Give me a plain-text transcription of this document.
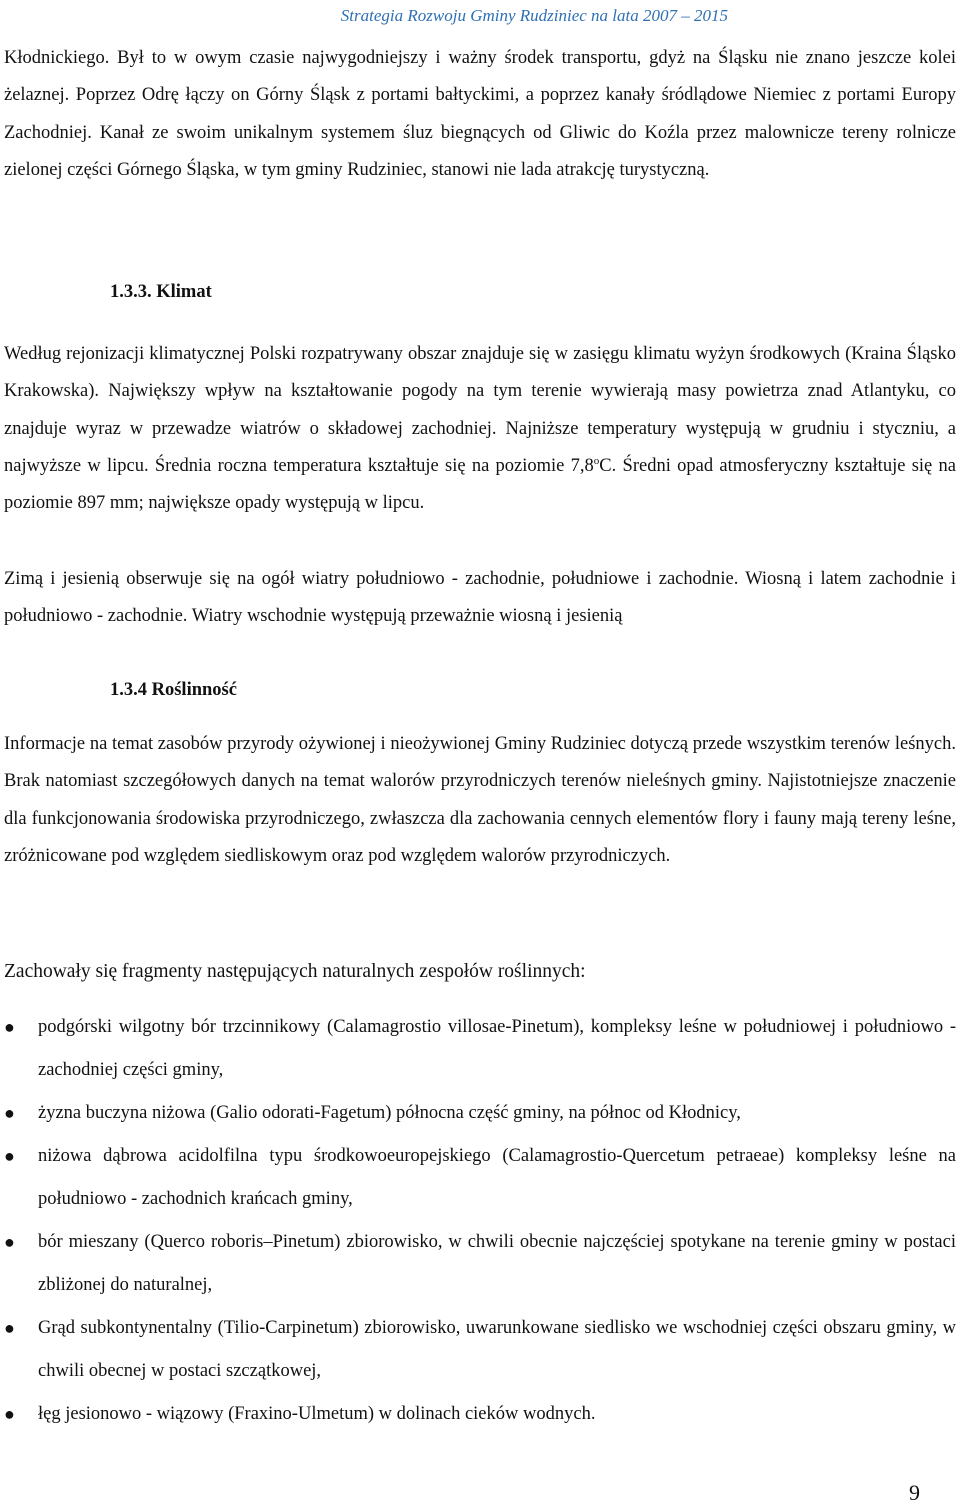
Strategia Rozwoju Gminy Rudziniec na lata 2007 – 2015

Kłodnickiego. Był to w owym czasie najwygodniejszy i ważny środek transportu, gdyż na Śląsku nie znano jeszcze kolei żelaznej. Poprzez Odrę łączy on Górny Śląsk z portami bałtyckimi, a poprzez kanały śródlądowe Niemiec z portami Europy Zachodniej. Kanał ze swoim unikalnym systemem śluz biegnących od Gliwic do Koźla przez malownicze tereny rolnicze zielonej części Górnego Śląska, w tym gminy Rudziniec, stanowi nie lada atrakcję turystyczną.

1.3.3. Klimat

Według rejonizacji klimatycznej Polski rozpatrywany obszar znajduje się w zasięgu klimatu wyżyn środkowych (Kraina Śląsko Krakowska). Największy wpływ na kształtowanie pogody na tym terenie wywierają masy powietrza znad Atlantyku, co znajduje wyraz w przewadze wiatrów o składowej zachodniej. Najniższe temperatury występują w grudniu i styczniu, a najwyższe w lipcu. Średnia roczna temperatura kształtuje się na poziomie 7,8$^o$C. Średni opad atmosferyczny kształtuje się na poziomie 897 mm; największe opady występują w lipcu.

Zimą i jesienią obserwuje się na ogół wiatry południowo - zachodnie, południowe i zachodnie. Wiosną i latem zachodnie i południowo - zachodnie. Wiatry wschodnie występują przeważnie wiosną i jesienią

1.3.4 Roślinność

Informacje na temat zasobów przyrody ożywionej i nieożywionej Gminy Rudziniec dotyczą przede wszystkim terenów leśnych. Brak natomiast szczegółowych danych na temat walorów przyrodniczych terenów nieleśnych gminy. Najistotniejsze znaczenie dla funkcjonowania środowiska przyrodniczego, zwłaszcza dla zachowania cennych elementów flory i fauny mają tereny leśne, zróżnicowane pod względem siedliskowym oraz pod względem walorów przyrodniczych.

Zachowały się fragmenty następujących naturalnych zespołów roślinnych:

● podgórski wilgotny bór trzcinnikowy (Calamagrostio villosae-Pinetum), kompleksy leśne w południowej i południowo - zachodniej części gminy,
● żyzna buczyna niżowa (Galio odorati-Fagetum) północna część gminy, na północ od Kłodnicy,
● niżowa dąbrowa acidolfilna typu środkowoeuropejskiego (Calamagrostio-Quercetum petraeae) kompleksy leśne na południowo - zachodnich krańcach gminy,
● bór mieszany (Querco roboris–Pinetum) zbiorowisko, w chwili obecnie najczęściej spotykane na terenie gminy w postaci zbliżonej do naturalnej,
● Grąd subkontynentalny (Tilio-Carpinetum) zbiorowisko, uwarunkowane siedlisko we wschodniej części obszaru gminy, w chwili obecnej w postaci szczątkowej,
● łęg jesionowo - wiązowy (Fraxino-Ulmetum) w dolinach cieków wodnych.
9
